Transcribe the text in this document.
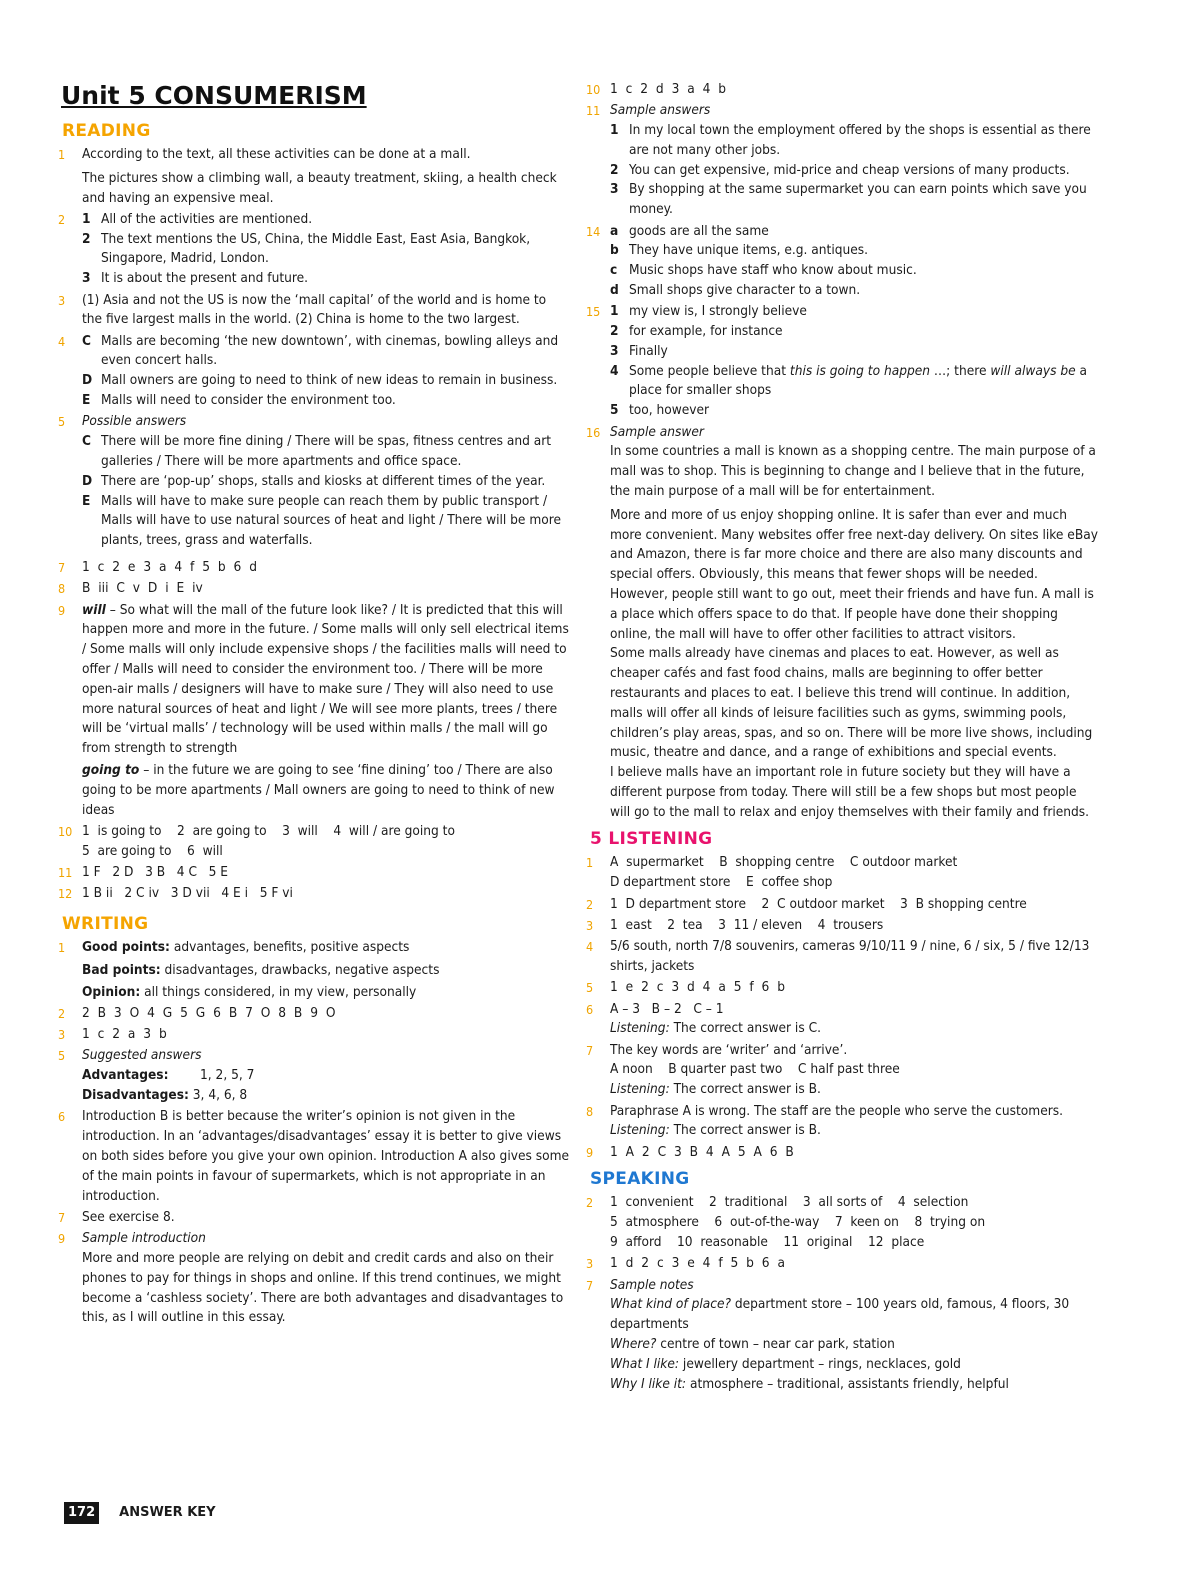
Unit 5 CONSUMERISM
READING
1	According to the text, all these activities can be done at a mall.
The pictures show a climbing wall, a beauty treatment, skiing, a health check and having an expensive meal.
2	1 All of the activities are mentioned.
2 The text mentions the US, China, the Middle East, East Asia, Bangkok, Singapore, Madrid, London.
3 It is about the present and future.
3	(1) Asia and not the US is now the ‘mall capital’ of the world and is home to the five largest malls in the world. (2) China is home to the two largest.
4	C Malls are becoming ‘the new downtown’, with cinemas, bowling alleys and even concert halls.
D Mall owners are going to need to think of new ideas to remain in business.
E Malls will need to consider the environment too.
5	Possible answers
C There will be more fine dining / There will be spas, fitness centres and art galleries / There will be more apartments and office space.
D There are ‘pop-up’ shops, stalls and kiosks at different times of the year.
E Malls will have to make sure people can reach them by public transport / Malls will have to use natural sources of heat and light / There will be more plants, trees, grass and waterfalls.
7	1 c 2 e 3 a 4 f 5 b 6 d
8	B iii C v D i E iv
9	will – So what will the mall of the future look like? / It is predicted that this will happen more and more in the future. / Some malls will only sell electrical items / Some malls will only include expensive shops / the facilities malls will need to offer / Malls will need to consider the environment too. / There will be more open-air malls / designers will have to make sure / They will also need to use more natural sources of heat and light / We will see more plants, trees / there will be ‘virtual malls’ / technology will be used within malls / the mall will go from strength to strength
going to – in the future we are going to see ‘fine dining’ too / There are also going to be more apartments / Mall owners are going to need to think of new ideas
10 1  is going to    2  are going to    3  will    4  will / are going to
5  are going to    6  will
11 1 F   2 D   3 B   4 C   5 E
12 1 B ii   2 C iv   3 D vii   4 E i   5 F vi
WRITING
1	Good points: advantages, benefits, positive aspects
Bad points: disadvantages, drawbacks, negative aspects
Opinion: all things considered, in my view, personally
2	2 B 3 O 4 G 5 G 6 B 7 O 8 B 9 O
3	1 c 2 a 3 b
5	Suggested answers
Advantages: 1, 2, 5, 7
Disadvantages: 3, 4, 6, 8
6	Introduction B is better because the writer’s opinion is not given in the introduction. In an ‘advantages/disadvantages’ essay it is better to give views on both sides before you give your own opinion. Introduction A also gives some of the main points in favour of supermarkets, which is not appropriate in an introduction.
7	See exercise 8.
9	Sample introduction
More and more people are relying on debit and credit cards and also on their phones to pay for things in shops and online. If this trend continues, we might become a ‘cashless society’. There are both advantages and disadvantages to this, as I will outline in this essay.
10 1 c 2 d 3 a 4 b
11 Sample answers
1 In my local town the employment offered by the shops is essential as there are not many other jobs.
2 You can get expensive, mid-price and cheap versions of many products.
3 By shopping at the same supermarket you can earn points which save you money.
14 a goods are all the same
b They have unique items, e.g. antiques.
c Music shops have staff who know about music.
d Small shops give character to a town.
15 1 my view is, I strongly believe
2 for example, for instance
3 Finally
4 Some people believe that this is going to happen …; there will always be a place for smaller shops
5 too, however
16 Sample answer
In some countries a mall is known as a shopping centre. The main purpose of a mall was to shop. This is beginning to change and I believe that in the future, the main purpose of a mall will be for entertainment.
More and more of us enjoy shopping online. It is safer than ever and much more convenient. Many websites offer free next-day delivery. On sites like eBay and Amazon, there is far more choice and there are also many discounts and special offers. Obviously, this means that fewer shops will be needed. However, people still want to go out, meet their friends and have fun. A mall is a place which offers space to do that. If people have done their shopping online, the mall will have to offer other facilities to attract visitors.
Some malls already have cinemas and places to eat. However, as well as cheaper cafés and fast food chains, malls are beginning to offer better restaurants and places to eat. I believe this trend will continue. In addition, malls will offer all kinds of leisure facilities such as gyms, swimming pools, children’s play areas, spas, and so on. There will be more live shows, including music, theatre and dance, and a range of exhibitions and special events.
I believe malls have an important role in future society but they will have a different purpose from today. There will still be a few shops but most people will go to the mall to relax and enjoy themselves with their family and friends.
5 LISTENING
1	A  supermarket    B  shopping centre    C outdoor market
D department store    E  coffee shop
2	1  D department store    2  C outdoor market    3  B shopping centre
3	1  east    2  tea    3  11 / eleven    4  trousers
4	5/6 south, north 7/8 souvenirs, cameras 9/10/11 9 / nine, 6 / six, 5 / five 12/13 shirts, jackets
5	1 e 2 c 3 d 4 a 5 f 6 b
6	A – 3   B – 2   C – 1
Listening: The correct answer is C.
7	The key words are ‘writer’ and ‘arrive’.
A noon    B quarter past two    C half past three
Listening: The correct answer is B.
8	Paraphrase A is wrong. The staff are the people who serve the customers.
Listening: The correct answer is B.
9	1 A 2 C 3 B 4 A 5 A 6 B
SPEAKING
2	1  convenient    2  traditional    3  all sorts of    4  selection
5  atmosphere    6  out-of-the-way    7  keen on    8  trying on
9  afford    10  reasonable    11  original    12  place
3	1 d 2 c 3 e 4 f 5 b 6 a
7	Sample notes
What kind of place? department store – 100 years old, famous, 4 floors, 30 departments
Where? centre of town – near car park, station
What I like: jewellery department – rings, necklaces, gold
Why I like it: atmosphere – traditional, assistants friendly, helpful
172	ANSWER KEY
